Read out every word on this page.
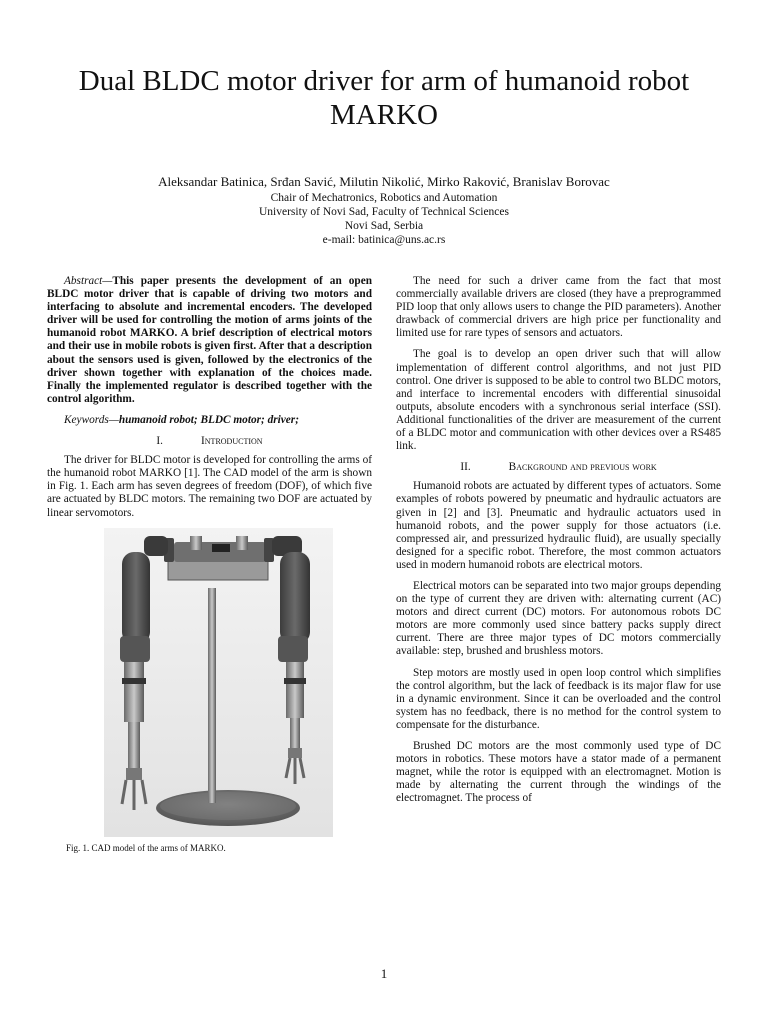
Dual BLDC motor driver for arm of humanoid robot MARKO
Aleksandar Batinica, Srđan Savić, Milutin Nikolić, Mirko Raković, Branislav Borovac
Chair of Mechatronics, Robotics and Automation
University of Novi Sad, Faculty of Technical Sciences
Novi Sad, Serbia
e-mail: batinica@uns.ac.rs

Abstract—This paper presents the development of an open BLDC motor driver that is capable of driving two motors and interfacing to absolute and incremental encoders. The developed driver will be used for controlling the motion of arms joints of the humanoid robot MARKO. A brief description of electrical motors and their use in mobile robots is given first. After that a description about the sensors used is given, followed by the electronics of the driver shown together with explanation of the choices made. Finally the implemented regulator is described together with the control algorithm.

Keywords—humanoid robot; BLDC motor; driver;

I.	Introduction

The driver for BLDC motor is developed for controlling the arms of the humanoid robot MARKO [1]. The CAD model of the arm is shown in Fig. 1. Each arm has seven degrees of freedom (DOF), of which five are actuated by BLDC motors. The remaining two DOF are actuated by linear servomotors.

Fig. 1. CAD model of the arms of MARKO.

The need for such a driver came from the fact that most commercially available drivers are closed (they have a preprogrammed PID loop that only allows users to change the PID parameters). Another drawback of commercial drivers are high price per functionality and limited use for rare types of sensors and actuators.

The goal is to develop an open driver such that will allow implementation of different control algorithms, and not just PID control. One driver is supposed to be able to control two BLDC motors, and interface to incremental encoders with differential sinusoidal outputs, absolute encoders with a synchronous serial interface (SSI). Additional functionalities of the driver are measurement of the current of a BLDC motor and communication with other devices over a RS485 link.

II.	Background and previous work

Humanoid robots are actuated by different types of actuators. Some examples of robots powered by pneumatic and hydraulic actuators are given in [2] and [3]. Pneumatic and hydraulic actuators used in humanoid robots, and the power supply for those actuators (i.e. compressed air, and pressurized hydraulic fluid), are usually specially designed for a specific robot. Therefore, the most common actuators used in modern humanoid robots are electrical motors.

Electrical motors can be separated into two major groups depending on the type of current they are driven with: alternating current (AC) motors and direct current (DC) motors. For autonomous robots DC motors are more commonly used since battery packs supply direct current. There are three major types of DC motors commercially available: step, brushed and brushless motors.

Step motors are mostly used in open loop control which simplifies the control algorithm, but the lack of feedback is its major flaw for use in a dynamic environment. Since it can be overloaded and the control system has no feedback, there is no method for the control system to compensate for the disturbance.

Brushed DC motors are the most commonly used type of DC motors in robotics. These motors have a stator made of a permanent magnet, while the rotor is equipped with an electromagnet. Motion is made by alternating the current through the windings of the electromagnet. The process of

1
